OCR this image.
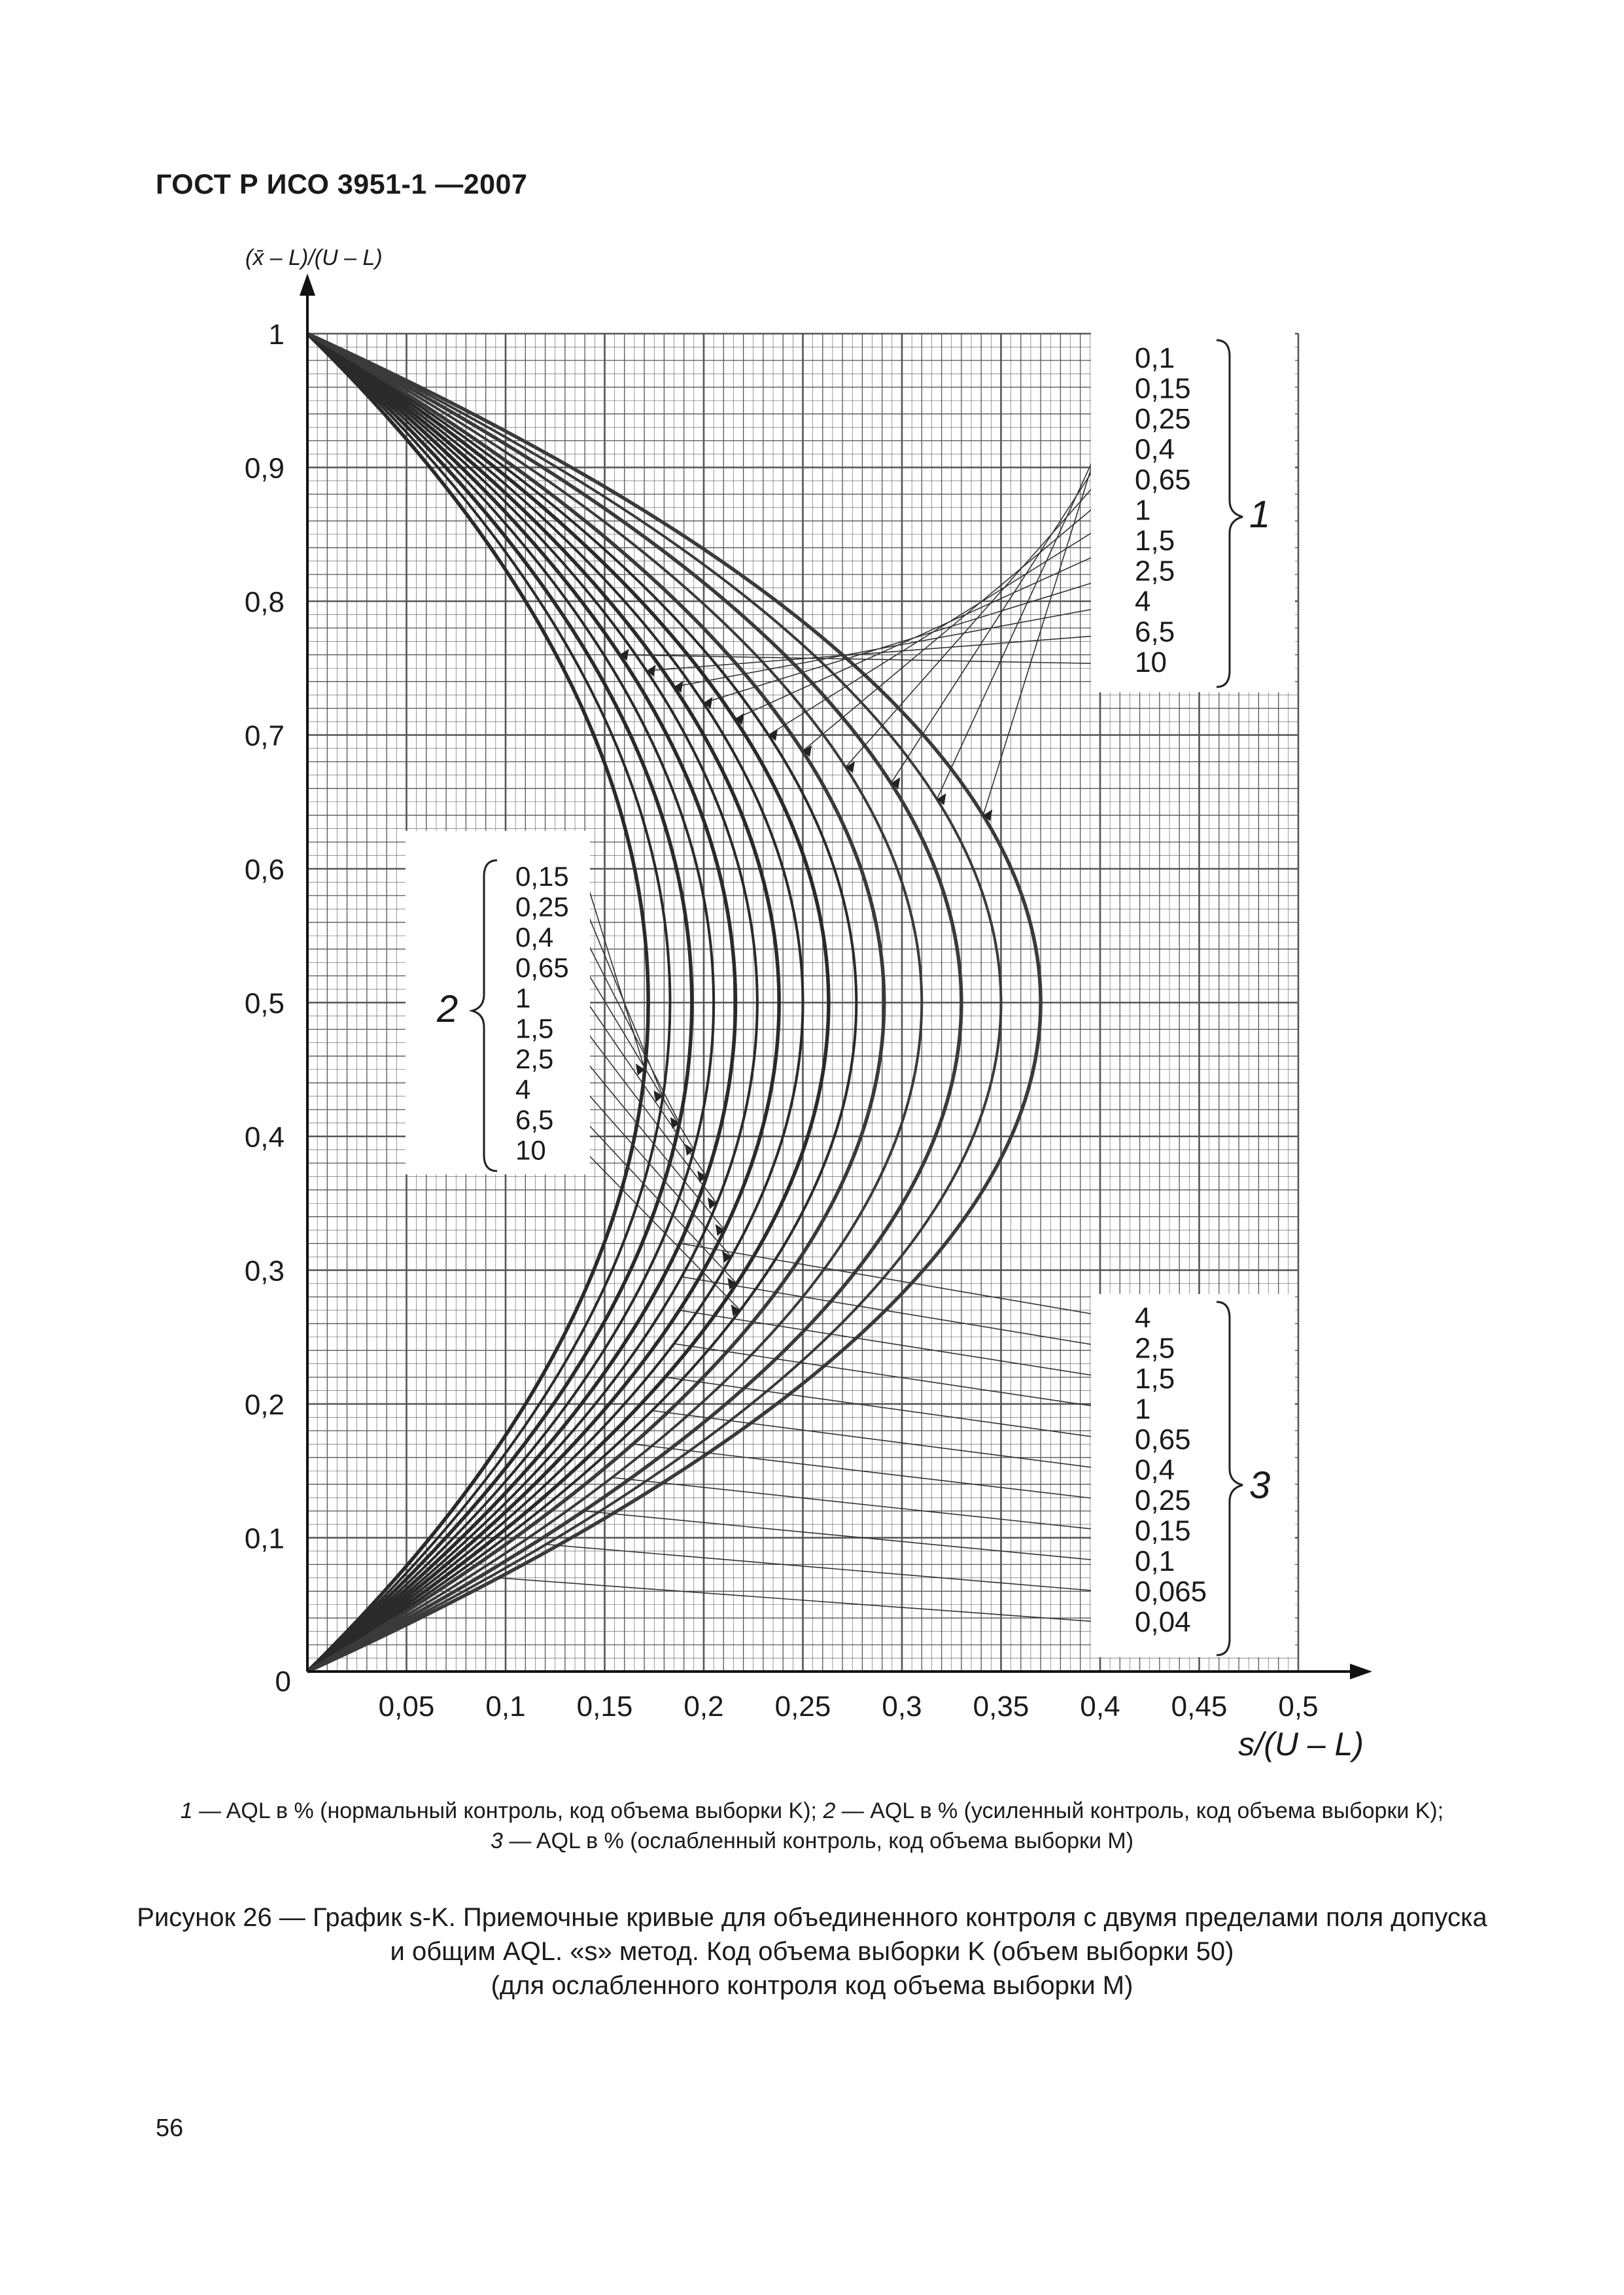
ГОСТ Р ИСО 3951-1 —2007
0,1
0,15
0,25
0,4
0,65
1
1,5
2,5
4
6,5
10
1
0,15
0,25
0,4
0,65
1
1,5
2,5
4
6,5
10
2
4
2,5
1,5
1
0,65
0,4
0,25
0,15
0,1
0,065
0,04
3
0,05 0,1 0,15 0,2 0,25 0,3 0,35 0,4 0,45 0,5
0,1
0,2
0,3
0,4
0,5
0,6
0,7
0,8
0,9
1
0
(x̄ – L)/(U – L)
s/(U – L)
1 — AQL в % (нормальный контроль, код объема выборки K); 2 — AQL в % (усиленный контроль, код объема выборки K);
3 — AQL в % (ослабленный контроль, код объема выборки M)
Рисунок 26 — График s-K. Приемочные кривые для объединенного контроля с двумя пределами поля допуска
и общим AQL. «s» метод. Код объема выборки K (объем выборки 50)
(для ослабленного контроля код объема выборки M)
56
